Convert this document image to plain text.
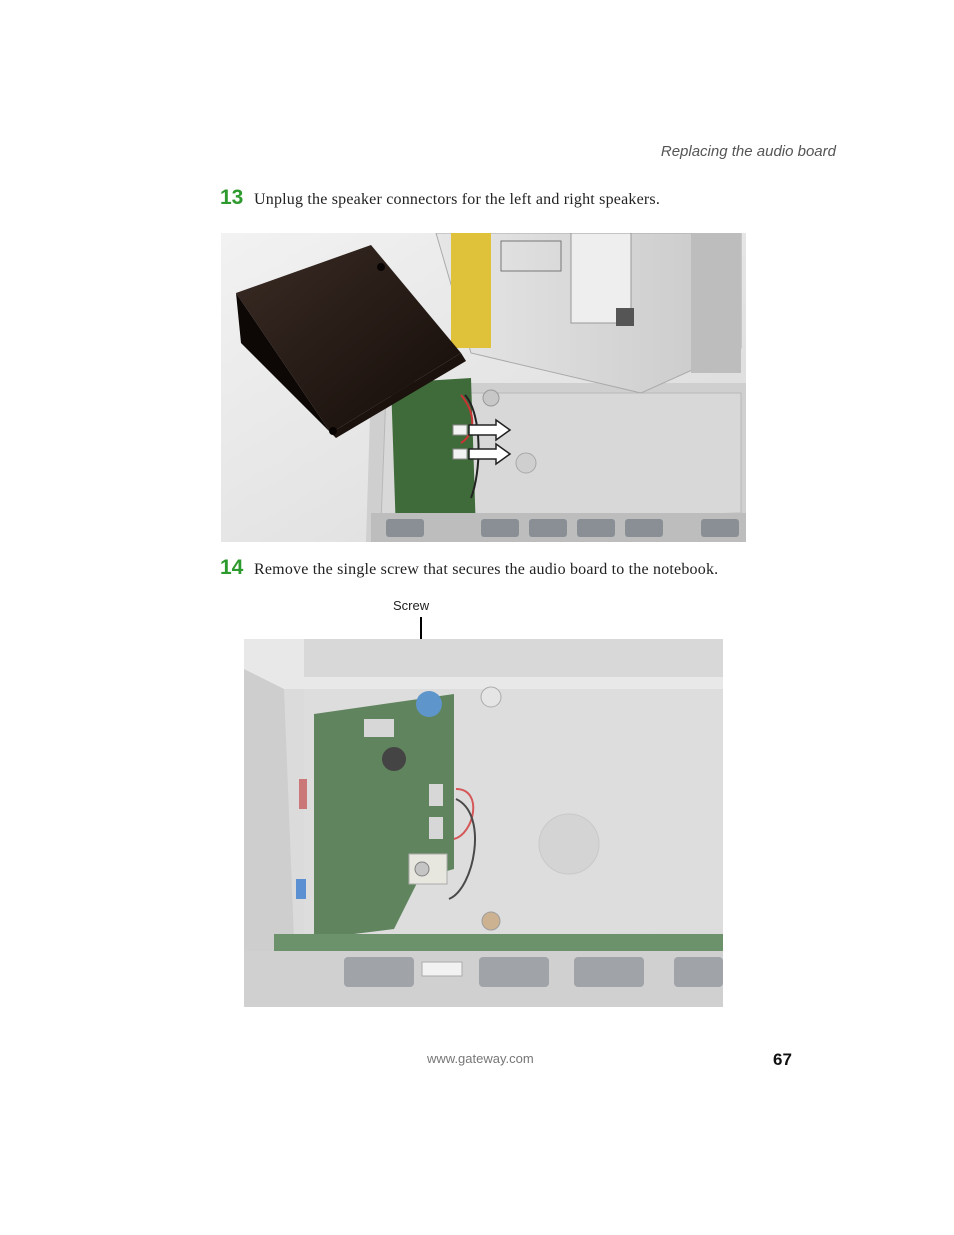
Replacing the audio board
13 Unplug the speaker connectors for the left and right speakers.
14 Remove the single screw that secures the audio board to the notebook.
Screw
www.gateway.com	67
